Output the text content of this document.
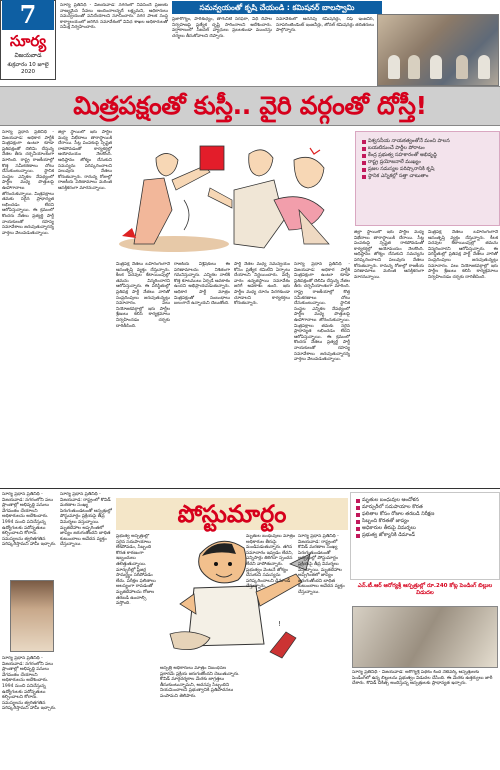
7
సూర్య
విజయవాడ
శుక్రవారం 10 జూలై 2020
సమన్వయంతో కృషి చేయండి : కమిషనర్ బాలస్వామి
సూర్య ప్రతినిధి - విజయవాడ: నగరంలో నివసించే ప్రజలకు నాణ్యమైన సేవలు అందించాలన్నదే లక్ష్యమని, అధికారులు సమన్వయంతో పనిచేయాలని సూచించారు. నగర పాలక సంస్థ కార్యాలయంలో జరిగిన సమావేశంలో వివిధ శాఖల అధికారులతో సమీక్ష నిర్వహించారు.
ప్రజారోగ్యం, పారిశుధ్యం, తాగునీటి సరఫరా, వీధి దీపాల నిర్వహణపై ప్రత్యేక దృష్టి సారించాలని ఆదేశించారు. వర్షాకాలంలో సీజనల్ వ్యాధులు ప్రబలకుండా ముందస్తు చర్యలు తీసుకోవాలని చెప్పారు.
సమావేశంలో అదనపు కమిషనర్లు, చీఫ్ ఇంజనీర్, సూపరింటెండెంట్ ఇంజనీర్లు, జోనల్ కమిషనర్లు తదితరులు పాల్గొన్నారు.
మిత్రపక్షంతో కుస్తీ.. వైరి వర్గంతో దోస్తీ!
సూర్య ప్రధాన ప్రతినిధి - విజయవాడ: అధికార పార్టీకి మిత్రపక్షంగా ఉంటూ కూడా ప్రతిపక్షంతో చెలిమి చేస్తున్న నేతల తీరు చర్చనీయాంశంగా మారింది. రాష్ట్ర రాజకీయాల్లో కొత్త సమీకరణాలు చోటు చేసుకుంటున్నాయి. స్థానిక సంస్థల ఎన్నికల నేపథ్యంలో పార్టీల మధ్య పొత్తులపై ఊహాగానాలు జోరందుకున్నాయి. మిత్రపక్షాలు తమకు సరైన ప్రాధాన్యత లభించడం లేదని ఆరోపిస్తున్నాయి. ఈ క్రమంలో కొందరు నేతలు ప్రత్యర్థి పార్టీ నాయకులతో రహస్య సమావేశాలు జరుపుతున్నారన్న వార్తలు వెలువడుతున్నాయి.
జిల్లా స్థాయిలో ఇరు పార్టీల మధ్య విభేదాలు తారాస్థాయికి చేరాయి. సీట్ల పంపకంపై స్పష్టత రాకపోవడంతో కార్యకర్తల్లో అయోమయం నెలకొంది. అధిష్ఠానం జోక్యం చేసుకుని సమస్యను పరిష్కరించాలని పలువురు నేతలు కోరుతున్నారు. రానున్న రోజుల్లో రాజకీయ పరిణామాలు మరింత ఆసక్తికరంగా మారనున్నాయి.
మిత్రపక్ష నేతలు బహిరంగంగానే అసంతృప్తి వ్యక్తం చేస్తున్నారు. కీలక పదవుల కేటాయింపుల్లో తమను విస్మరించారని ఆరోపిస్తున్నారు. ఈ పరిస్థితుల్లో ప్రతిపక్ష పార్టీ నేతలు వారితో సంప్రదింపులు జరుపుతున్నట్లు సమాచారం. పలు నియోజకవర్గాల్లో ఇరు పార్టీల శ్రేణులు కలిసి కార్యక్రమాలు నిర్వహించడం చర్చకు దారితీసింది.
రాజకీయ విశ్లేషకులు ఈ పరిణామాలను నిశితంగా గమనిస్తున్నారు. ఎన్నికల నాటికి కొత్త కూటములు ఏర్పడే అవకాశం ఉందని అభిప్రాయపడుతున్నారు. అధికార పార్టీ మాత్రం మిత్రపక్షంతో సంబంధాలు బలంగానే ఉన్నాయని చెబుతోంది.
పార్టీ నేతల మధ్య సమన్వయం కోసం ప్రత్యేక కమిటీని ఏర్పాటు చేయాలని నిర్ణయించారు. వచ్చే వారం ఉన్నతస్థాయి సమావేశం జరిగే అవకాశం ఉంది. ఇరు పార్టీల మధ్య దూరం పెరగకుండా చూడాలని కార్యకర్తలు కోరుతున్నారు.
సూర్య ప్రధాన ప్రతినిధి - విజయవాడ: అధికార పార్టీకి మిత్రపక్షంగా ఉంటూ కూడా ప్రతిపక్షంతో చెలిమి చేస్తున్న నేతల తీరు చర్చనీయాంశంగా మారింది. రాష్ట్ర రాజకీయాల్లో కొత్త సమీకరణాలు చోటు చేసుకుంటున్నాయి. స్థానిక సంస్థల ఎన్నికల నేపథ్యంలో పార్టీల మధ్య పొత్తులపై ఊహాగానాలు జోరందుకున్నాయి. మిత్రపక్షాలు తమకు సరైన ప్రాధాన్యత లభించడం లేదని ఆరోపిస్తున్నాయి. ఈ క్రమంలో కొందరు నేతలు ప్రత్యర్థి పార్టీ నాయకులతో రహస్య సమావేశాలు జరుపుతున్నారన్న వార్తలు వెలువడుతున్నాయి.
జిల్లా స్థాయిలో ఇరు పార్టీల మధ్య విభేదాలు తారాస్థాయికి చేరాయి. సీట్ల పంపకంపై స్పష్టత రాకపోవడంతో కార్యకర్తల్లో అయోమయం నెలకొంది. అధిష్ఠానం జోక్యం చేసుకుని సమస్యను పరిష్కరించాలని పలువురు నేతలు కోరుతున్నారు. రానున్న రోజుల్లో రాజకీయ పరిణామాలు మరింత ఆసక్తికరంగా మారనున్నాయి.
మిత్రపక్ష నేతలు బహిరంగంగానే అసంతృప్తి వ్యక్తం చేస్తున్నారు. కీలక పదవుల కేటాయింపుల్లో తమను విస్మరించారని ఆరోపిస్తున్నారు. ఈ పరిస్థితుల్లో ప్రతిపక్ష పార్టీ నేతలు వారితో సంప్రదింపులు జరుపుతున్నట్లు సమాచారం. పలు నియోజకవర్గాల్లో ఇరు పార్టీల శ్రేణులు కలిసి కార్యక్రమాలు నిర్వహించడం చర్చకు దారితీసింది.
విశ్వసనీయ నాయకత్వంతోనే మంచి పాలన
బయటినుంచే పార్టీల పోరాటం
కేంద్ర ప్రభుత్వ సహకారంతో అభివృద్ధి
రాష్ట్ర ప్రయోజనాలే ముఖ్యం
ప్రజల సమస్యల పరిష్కారానికి కృషి
స్థానిక ఎన్నికల్లో సత్తా చాటుతాం
సూర్య ప్రధాన ప్రతినిధి - విజయవాడ: నగరంలోని పలు ప్రాంతాల్లో అభివృద్ధి పనులు వేగవంతం చేయాలని అధికారులను ఆదేశించారు. 1994 నుంచి పనిచేస్తున్న ఉద్యోగులకు పదోన్నతులు కల్పించాలని కోరారు. సమస్యలను త్వరితగతిన పరిష్కరిస్తామని హామీ ఇచ్చారు.
సూర్య ప్రధాన ప్రతినిధి - విజయవాడ: నగరంలోని పలు ప్రాంతాల్లో అభివృద్ధి పనులు వేగవంతం చేయాలని అధికారులను ఆదేశించారు. 1994 నుంచి పనిచేస్తున్న ఉద్యోగులకు పదోన్నతులు కల్పించాలని కోరారు. సమస్యలను త్వరితగతిన పరిష్కరిస్తామని హామీ ఇచ్చారు.
సూర్య ప్రధాన ప్రతినిధి - విజయవాడ: రాష్ట్రంలో కొవిడ్ మరణాల సంఖ్య పెరుగుతుండటంతో ఆస్పత్రుల్లో పోస్టుమార్టం ప్రక్రియపై తీవ్ర విమర్శలు వస్తున్నాయి. మృతదేహాల అప్పగింతలో జాప్యం జరుగుతోందని బాధిత కుటుంబాలు ఆవేదన వ్యక్తం చేస్తున్నాయి.
పోస్టుమార్టం
ప్రభుత్వ ఆస్పత్రుల్లో సరైన సదుపాయాలు లేకపోవడం, సిబ్బంది కొరత కారణంగా ఇబ్బందులు తలెత్తుతున్నాయి. మార్చురీల్లో ఫ్రీజర్ల సామర్థ్యం సరిపోవడం లేదు. పరీక్షల ఫలితాలు ఆలస్యంగా రావడంతో మృతదేహాలను రోజుల తరబడి ఉంచాల్సి వస్తోంది.
!
ఆస్పత్రి అధికారులు మాత్రం నిబంధనల ప్రకారమే ప్రక్రియ జరుగుతోందని చెబుతున్నారు. కొవిడ్ మార్గదర్శకాల మేరకు జాగ్రత్తలు తీసుకుంటున్నామని, అదనపు సిబ్బందిని నియమించాలని ప్రభుత్వానికి ప్రతిపాదనలు పంపామని తెలిపారు.
మృతుల బంధువులు మాత్రం అధికారుల తీరుపై మండిపడుతున్నారు. తగిన సమాచారం ఇవ్వడం లేదని, ఎన్నిసార్లు తిరిగినా స్పందన లేదని వాపోతున్నారు. ప్రభుత్వం వెంటనే జోక్యం చేసుకుని సమస్యను పరిష్కరించాలని డిమాండ్ చేస్తున్నారు.
సూర్య ప్రధాన ప్రతినిధి - విజయవాడ: రాష్ట్రంలో కొవిడ్ మరణాల సంఖ్య పెరుగుతుండటంతో ఆస్పత్రుల్లో పోస్టుమార్టం ప్రక్రియపై తీవ్ర విమర్శలు వస్తున్నాయి. మృతదేహాల అప్పగింతలో జాప్యం జరుగుతోందని బాధిత కుటుంబాలు ఆవేదన వ్యక్తం చేస్తున్నాయి.
మృతుల బంధువుల ఆందోళన
మార్చురీలో సదుపాయాల కొరత
ఫలితాల కోసం రోజుల తరబడి నిరీక్షణ
సిబ్బంది కొరతతో జాప్యం
అధికారుల తీరుపై విమర్శలు
ప్రభుత్వ జోక్యానికి డిమాండ్
ఎన్.టీ.ఆర్ ఆరోగ్యశ్రీ ఆస్పత్రుల్లో రూ.240 కోట్ల పెండింగ్ బిల్లుల విడుదల
సూర్య ప్రతినిధి - విజయవాడ: ఆరోగ్యశ్రీ పథకం కింద నెట్‌వర్క్ ఆస్పత్రులకు పెండింగ్‌లో ఉన్న బిల్లులను ప్రభుత్వం విడుదల చేసింది. ఈ మేరకు ఉత్తర్వులు జారీ చేశారు. కొవిడ్ చికిత్స అందిస్తున్న ఆస్పత్రులకు ప్రాధాన్యత ఇచ్చారు.
